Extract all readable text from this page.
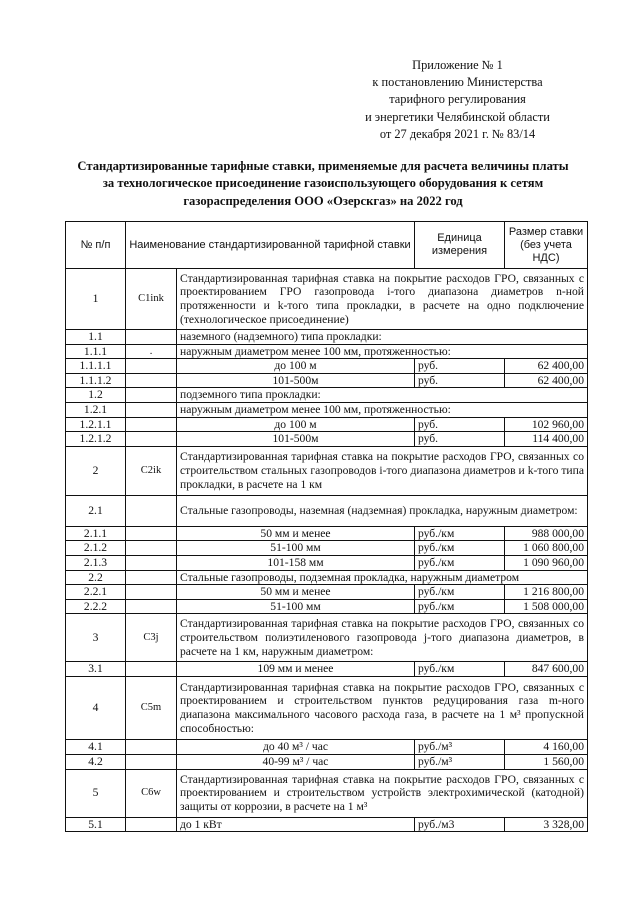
Приложение № 1
к постановлению Министерства
тарифного регулирования
и энергетики Челябинской области
от 27 декабря 2021 г. № 83/14
Стандартизированные тарифные ставки, применяемые для расчета величины платы
за технологическое присоединение газоиспользующего оборудования к сетям
газораспределения ООО «Озерскгаз» на 2022 год
№ п/п	Наименование стандартизированной тарифной ставки		Единица измерения	Размер ставки (без учета НДС)
1	C1ink	Стандартизированная тарифная ставка на покрытие расходов ГРО, связанных с проектированием ГРО газопровода i-того диапазона диаметров n-ной протяженности и k-того типа прокладки, в расчете на одно подключение (технологическое присоединение)		
1.1		наземного (надземного) типа прокладки:		
1.1.1	.	наружным диаметром менее 100 мм, протяженностью:		
1.1.1.1		до 100 м	руб.	62 400,00
1.1.1.2		101-500м	руб.	62 400,00
1.2		подземного типа прокладки:		
1.2.1		наружным диаметром менее 100 мм, протяженностью:		
1.2.1.1		до 100 м	руб.	102 960,00
1.2.1.2		101-500м	руб.	114 400,00
2	C2ik	Стандартизированная тарифная ставка на покрытие расходов ГРО, связанных со строительством стальных газопроводов i-того диапазона диаметров и k-того типа прокладки, в расчете на 1 км		
2.1		Стальные газопроводы, наземная (надземная) прокладка, наружным диаметром:		
2.1.1		50 мм и менее	руб./км	988 000,00
2.1.2		51-100 мм	руб./км	1 060 800,00
2.1.3		101-158 мм	руб./км	1 090 960,00
2.2		Стальные газопроводы, подземная прокладка, наружным диаметром		
2.2.1		50 мм и менее	руб./км	1 216 800,00
2.2.2		51-100 мм	руб./км	1 508 000,00
3	C3j	Стандартизированная тарифная ставка на покрытие расходов ГРО, связанных со строительством полиэтиленового газопровода j-того диапазона диаметров, в расчете на 1 км, наружным диаметром:		
3.1		109 мм и менее	руб./км	847 600,00
4	C5m	Стандартизированная тарифная ставка на покрытие расходов ГРО, связанных с проектированием и строительством пунктов редуцирования газа m-ного диапазона максимального часового расхода газа, в расчете на 1 м³ пропускной способностью:		
4.1		до 40 м³ / час	руб./м³	4 160,00
4.2		40-99 м³ / час	руб./м³	1 560,00
5	C6w	Стандартизированная тарифная ставка на покрытие расходов ГРО, связанных с проектированием и строительством устройств электрохимической (катодной) защиты от коррозии, в расчете на 1 м³		
5.1		до 1 кВт	руб./м3	3 328,00
